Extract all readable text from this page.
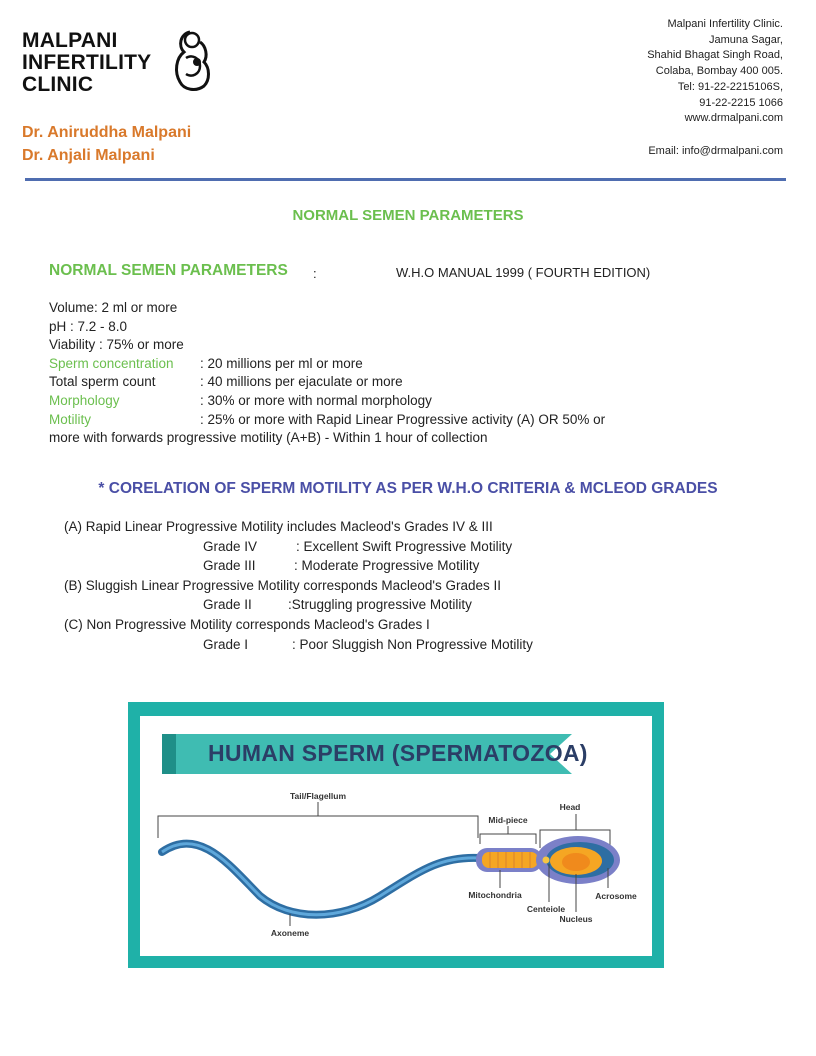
MALPANI
INFERTILITY
CLINIC
Dr. Aniruddha Malpani
Dr. Anjali Malpani
Malpani Infertility Clinic.
Jamuna Sagar,
Shahid Bhagat Singh Road,
Colaba, Bombay 400 005.
Tel: 91-22-2215106S,
91-22-2215 1066
www.drmalpani.com
Email: info@drmalpani.com
NORMAL SEMEN PARAMETERS
NORMAL SEMEN PARAMETERS :	W.H.O MANUAL 1999 ( FOURTH EDITION)
Volume: 2 ml or more
pH : 7.2 - 8.0
Viability : 75% or more
Sperm concentration : 20 millions per ml or more
Total sperm count	: 40 millions per ejaculate or more
Morphology	: 30% or more with normal morphology
Motility	: 25% or more with Rapid Linear Progressive activity (A) OR 50% or
more with forwards progressive motility (A+B) - Within 1 hour of collection
* CORELATION OF SPERM MOTILITY AS PER W.H.O CRITERIA & MCLEOD GRADES
(A) Rapid Linear Progressive Motility includes Macleod's Grades IV & III
Grade IV	: Excellent Swift Progressive Motility
Grade III	: Moderate Progressive Motility
(B) Sluggish Linear Progressive Motility corresponds Macleod's Grades II
Grade II	:Struggling progressive Motility
(C) Non Progressive Motility corresponds Macleod's Grades I
Grade I	: Poor Sluggish Non Progressive Motility
HUMAN SPERM (SPERMATOZOA)
Tail/Flagellum
Mid-piece
Head
Mitochondria
Centeiole
Nucleus
Acrosome
Axoneme
